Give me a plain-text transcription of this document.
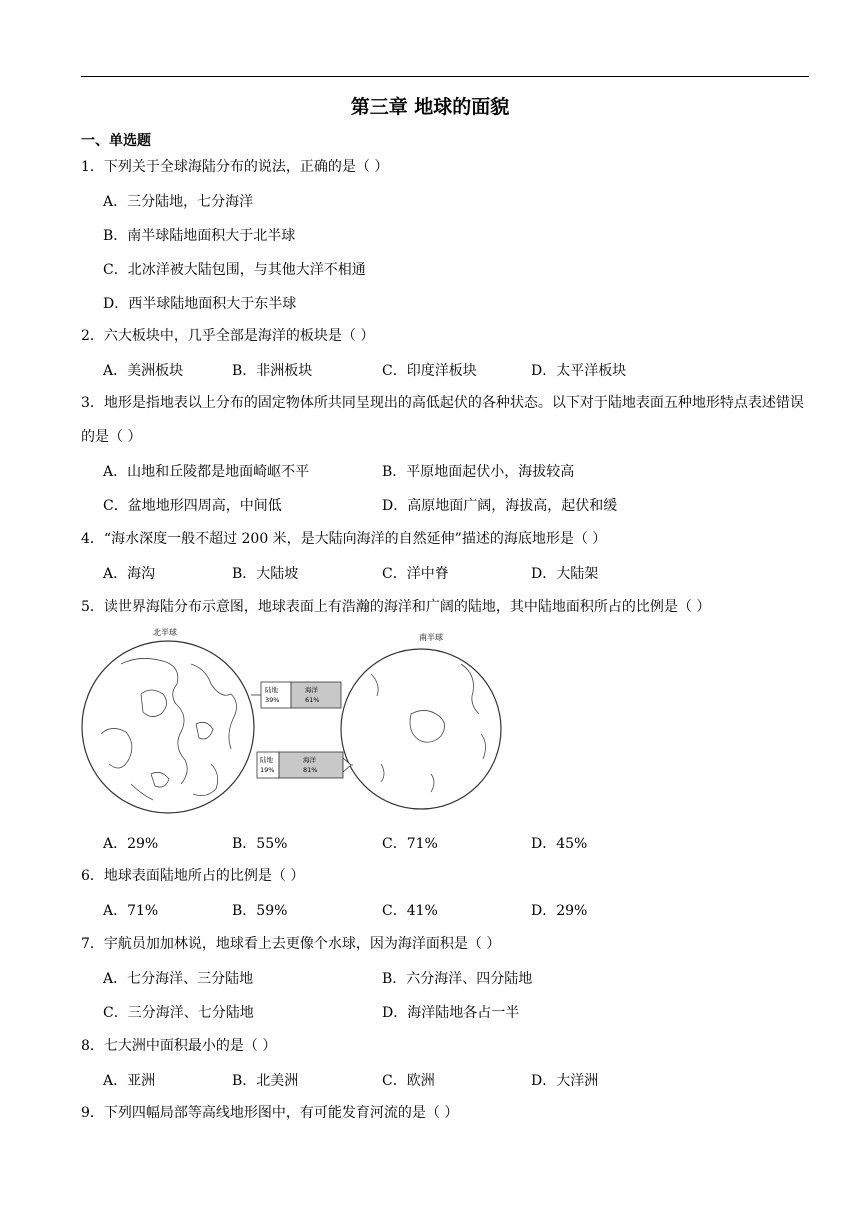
第三章 地球的面貌
一、单选题
1．下列关于全球海陆分布的说法，正确的是（ ）
A．三分陆地，七分海洋
B．南半球陆地面积大于北半球
C．北冰洋被大陆包围，与其他大洋不相通
D．西半球陆地面积大于东半球
2．六大板块中，几乎全部是海洋的板块是（ ）
A．美洲板块	B．非洲板块	C．印度洋板块	D．太平洋板块
3．地形是指地表以上分布的固定物体所共同呈现出的高低起伏的各种状态。以下对于陆地表面五种地形特点表述错误的是（ ）
A．山地和丘陵都是地面崎岖不平	B．平原地面起伏小，海拔较高
C．盆地地形四周高，中间低	D．高原地面广阔，海拔高，起伏和缓
4．“海水深度一般不超过 200 米，是大陆向海洋的自然延伸”描述的海底地形是（ ）
A．海沟	B．大陆坡	C．洋中脊	D．大陆架
5．读世界海陆分布示意图，地球表面上有浩瀚的海洋和广阔的陆地，其中陆地面积所占的比例是（ ）
北半球
南半球
陆地
39%
海洋
61%
陆地
19%
海洋
81%
A．29%	B．55%	C．71%	D．45%
6．地球表面陆地所占的比例是（ ）
A．71%	B．59%	C．41%	D．29%
7．宇航员加加林说，地球看上去更像个水球，因为海洋面积是（ ）
A．七分海洋、三分陆地	B．六分海洋、四分陆地
C．三分海洋、七分陆地	D．海洋陆地各占一半
8．七大洲中面积最小的是（ ）
A．亚洲	B．北美洲	C．欧洲	D．大洋洲
9．下列四幅局部等高线地形图中，有可能发育河流的是（ ）
